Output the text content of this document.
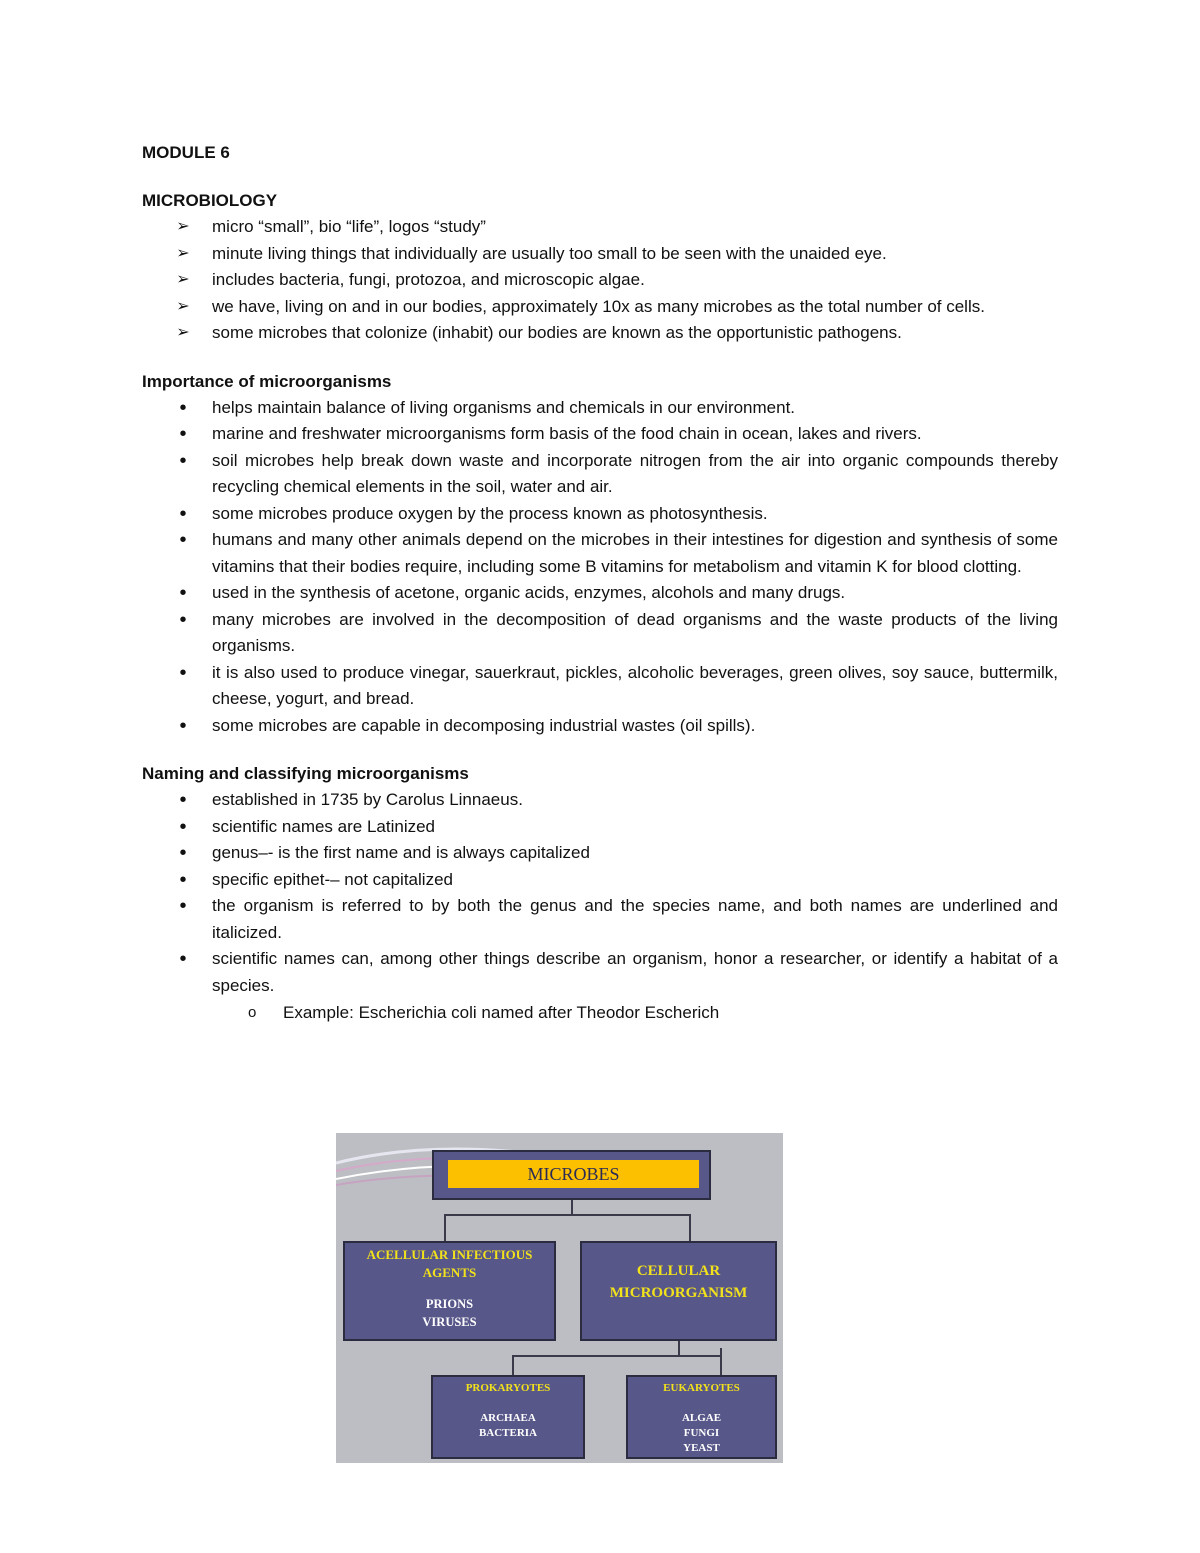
MODULE 6

MICROBIOLOGY

➢ micro “small”, bio “life”, logos “study”
➢ minute living things that individually are usually too small to be seen with the unaided eye.
➢ includes bacteria, fungi, protozoa, and microscopic algae.
➢ we have, living on and in our bodies, approximately 10x as many microbes as the total number of cells.
➢ some microbes that colonize (inhabit) our bodies are known as the opportunistic pathogens.

Importance of microorganisms

•	helps maintain balance of living organisms and chemicals in our environment.
•	marine and freshwater microorganisms form basis of the food chain in ocean, lakes and rivers.
•	soil microbes help break down waste and incorporate nitrogen from the air into organic compounds thereby recycling chemical elements in the soil, water and air.
•	some microbes produce oxygen by the process known as photosynthesis.
•	humans and many other animals depend on the microbes in their intestines for digestion and synthesis of some vitamins that their bodies require, including some B vitamins for metabolism and vitamin K for blood clotting.
•	used in the synthesis of acetone, organic acids, enzymes, alcohols and many drugs.
•	many microbes are involved in the decomposition of dead organisms and the waste products of the living organisms.
•	it is also used to produce vinegar, sauerkraut, pickles, alcoholic beverages, green olives, soy sauce, buttermilk, cheese, yogurt, and bread.
•	some microbes are capable in decomposing industrial wastes (oil spills).

Naming and classifying microorganisms

•	established in 1735 by Carolus Linnaeus.
•	scientific names are Latinized
•	genus–- is the first name and is always capitalized
•	specific epithet-– not capitalized
•	the organism is referred to by both the genus and the species name, and both names are underlined and italicized.
•	scientific names can, among other things describe an organism, honor a researcher, or identify a habitat of a species.
o Example: Escherichia coli named after Theodor Escherich
MICROBES
ACELLULAR INFECTIOUS AGENTS
PRIONS
VIRUSES
CELLULAR MICROORGANISM
PROKARYOTES
ARCHAEA
BACTERIA
EUKARYOTES
ALGAE
FUNGI
YEAST
